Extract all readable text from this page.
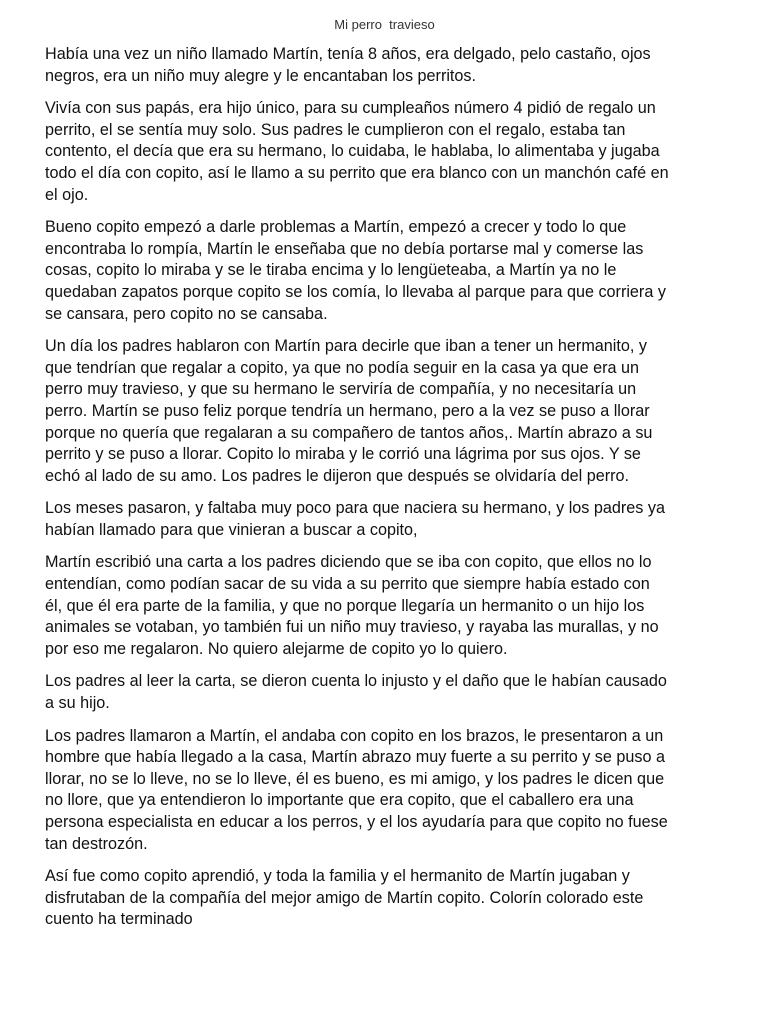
Mi perro  travieso

Había una vez un niño llamado Martín, tenía 8 años, era delgado, pelo castaño, ojos
negros, era un niño muy alegre y le encantaban los perritos.

Vivía con sus papás, era hijo único, para su cumpleaños número 4 pidió de regalo un
perrito, el se sentía muy solo. Sus padres le cumplieron con el regalo, estaba tan
contento, el decía que era su hermano, lo cuidaba, le hablaba, lo alimentaba y jugaba
todo el día con copito, así le llamo a su perrito que era blanco con un manchón café en
el ojo.

Bueno copito empezó a darle problemas a Martín, empezó a crecer y todo lo que
encontraba lo rompía, Martín le enseñaba que no debía portarse mal y comerse las
cosas, copito lo miraba y se le tiraba encima y lo lengüeteaba, a Martín ya no le
quedaban zapatos porque copito se los comía, lo llevaba al parque para que corriera y
se cansara, pero copito no se cansaba.

Un día los padres hablaron con Martín para decirle que iban a tener un hermanito, y
que tendrían que regalar a copito, ya que no podía seguir en la casa ya que era un
perro muy travieso, y que su hermano le serviría de compañía, y no necesitaría un
perro. Martín se puso feliz porque tendría un hermano, pero a la vez se puso a llorar
porque no quería que regalaran a su compañero de tantos años,. Martín abrazo a su
perrito y se puso a llorar. Copito lo miraba y le corrió una lágrima por sus ojos. Y se
echó al lado de su amo. Los padres le dijeron que después se olvidaría del perro.

Los meses pasaron, y faltaba muy poco para que naciera su hermano, y los padres ya
habían llamado para que vinieran a buscar a copito,

Martín escribió una carta a los padres diciendo que se iba con copito, que ellos no lo
entendían, como podían sacar de su vida a su perrito que siempre había estado con
él, que él era parte de la familia, y que no porque llegaría un hermanito o un hijo los
animales se votaban, yo también fui un niño muy travieso, y rayaba las murallas, y no
por eso me regalaron. No quiero alejarme de copito yo lo quiero.

Los padres al leer la carta, se dieron cuenta lo injusto y el daño que le habían causado
a su hijo.

Los padres llamaron a Martín, el andaba con copito en los brazos, le presentaron a un
hombre que había llegado a la casa, Martín abrazo muy fuerte a su perrito y se puso a
llorar, no se lo lleve, no se lo lleve, él es bueno, es mi amigo, y los padres le dicen que
no llore, que ya entendieron lo importante que era copito, que el caballero era una
persona especialista en educar a los perros, y el los ayudaría para que copito no fuese
tan destrozón.

Así fue como copito aprendió, y toda la familia y el hermanito de Martín jugaban y
disfrutaban de la compañía del mejor amigo de Martín copito. Colorín colorado este
cuento ha terminado
